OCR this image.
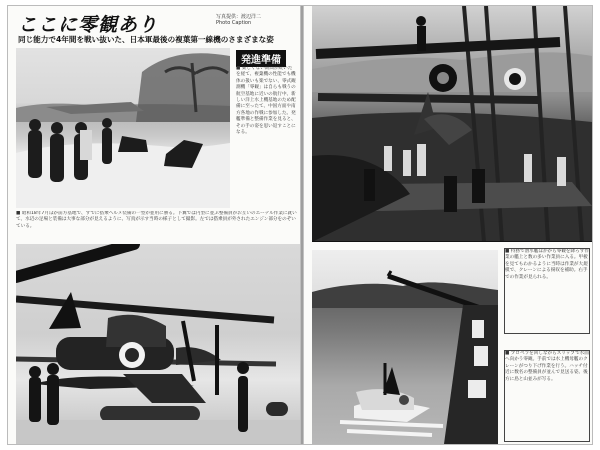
ここに零観あり	写真提供：渡辺洋二
Photo Caption
同じ能力で4年間を戦い抜いた、日本軍最後の複葉第一線機のさまざまな姿
発進準備
■ 楽しくない期間が続いたを経て、複葉機の性能でも機体の扱いも楽でない、零式観測機「零観」は自らも戦うの航空基地に近いの航行中、新しい洋上水上機基地のため配備に至ったて、中国方面や南方各地の作戦に参加した。発艦準備と整備作業を見ると、その手の姿を思い返すことになる。
■ 昭和18年7月ほか前方基地で、すでに搭乗ヘルメ装備の一型が並用に勝る。下翼では円型に並ぶ整備員がお互いのエーテル作業に就いて、水辺の足場と装備は大事な部分が見えるように、写真が示す当時の様子として撮影。左では搭乗員が外されたエンジン部分をのぞいている。
■ 特務で潜水艦ほかから零観を降ろす作業の艦上と数の多い作業員に入る。甲板を見てもわかるように当時は作業が大規模で、クレーンによる揚収を補助。右手での作業が見られる。
■ プロペラを回しながらスリップで水面へ向かう零観。手前では水上機母艦のクレーンがつり下げ作業を行う。ハッチ付近に数名の整備員が並んで見送る姿。後方に島と山並みが写る。
